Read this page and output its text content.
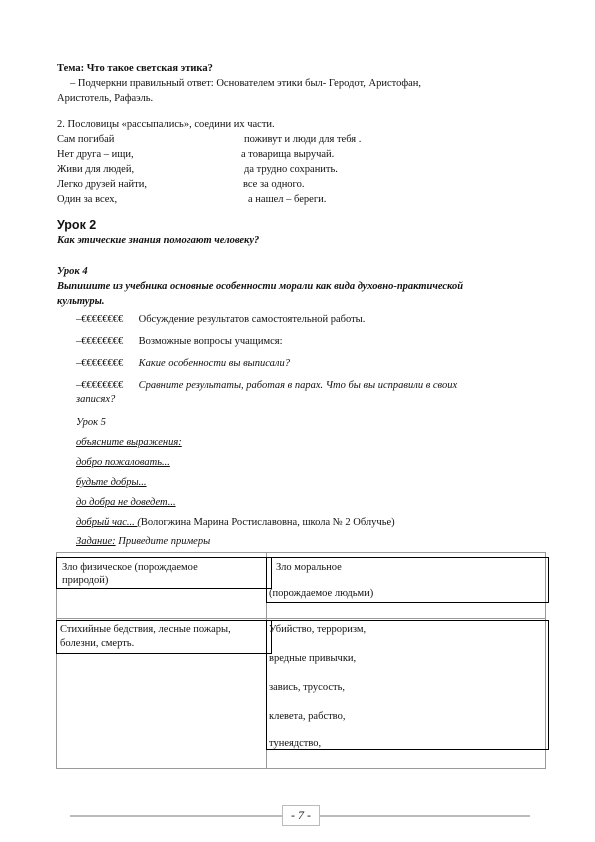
Тема: Что такое светская этика?
– Подчеркни правильный ответ: Основателем этики был- Геродот, Аристофан,
Аристотель, Рафаэль.
2. Пословицы «рассыпались», соедини их части.
Сам погибай
Нет друга – ищи,
Живи для людей,
Легко друзей найти,
Один за всех,
поживут и люди для тебя .
а товарища выручай.
да трудно сохранить.
все за одного.
а нашел – береги.
Урок 2
Как этические знания помогают человеку?
Урок 4
Выпишите из учебника основные особенности морали как вида духовно-практической
культуры.
–€€€€€€€€ Обсуждение результатов самостоятельной работы.
–€€€€€€€€ Возможные вопросы учащимся:
–€€€€€€€€ Какие особенности вы выписали?
–€€€€€€€€ Сравните результаты, работая в парах. Что бы вы исправили в своих
записях?
Урок 5
объясните выражения:
добро пожаловать...
будьте добры...
до добра не доведет...
добрый час... (Вологжина Марина Ростиславовна, школа № 2 Облучье)
Задание: Приведите примеры
Зло физическое (порождаемое
природой)
Зло моральное
(порождаемое людьми)
Стихийные бедствия, лесные пожары,
болезни, смерть.
Убийство, терроризм,
вредные привычки,
завись, трусость,
клевета, рабство,
тунеядство,
- 7 -
